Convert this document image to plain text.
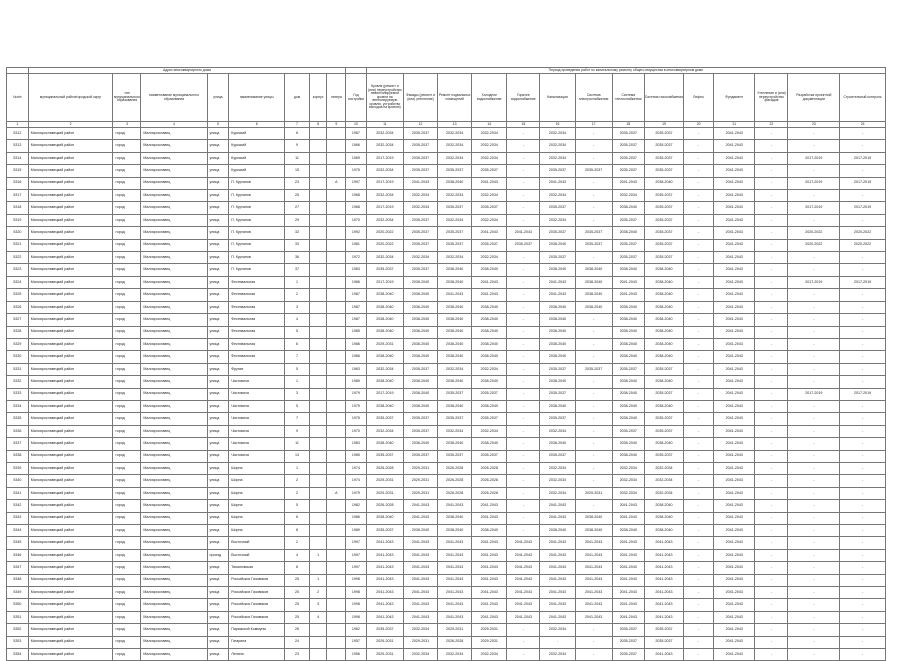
	Адрес многоквартирного дома									Период проведения работ по капитальному ремонту общего имущества в многоквартирном доме													
№п/п	муниципальный район/городской округ	тип муниципального образования	наименование муниципального образования	улица	наименование улицы	дом	корпус	литера	Год постройки	Кровля (ремонт и (или) переустройство невентилируемой кровли на вентилируемую кровлю, устройство выходов на кровлю)	Фасады (ремонт и (или) утепление)	Ремонт подвальных помещений	Холодное водоснабжение	Горячее водоснабжение	Канализация	Система электроснабжения	Система теплоснабжения	Система газоснабжения	Лифты	Фундамент	Утепление и (или) переустройство фасадов	Разработка проектной документации	Строительный контроль
1	2	3	4	5	6	7	8	9	10	11	12	13	14	15	16	17	18	19	20	21	22	23	24
5312	Малоярославецкий район	город	Малоярославец	улица	Куркский	6			1967	2032-2034	2035-2037	2032-2034	2032-2034	-	2032-2034	-	2035-2037	2035-2037	-	2041-2043	-	-	-
5313	Малоярославецкий район	город	Малоярославец	улица	Куркский	9			1966	2032-2034	2035-2037	2032-2034	2032-2034	-	2032-2034	-	2035-2037	2035-2037	-	2041-2043	-	-	-
5314	Малоярославецкий район	город	Малоярославец	улица	Куркский	11			1969	2017-2019	2035-2037	2032-2034	2032-2034	-	2032-2034	-	2035-2037	2035-2037	-	2041-2043	-	2017-2019	2017-2019
5315	Малоярославецкий район	город	Малоярославец	улица	Куркский	15			1975	2032-2034	2035-2037	2035-2037	2035-2037	-	2035-2037	2035-2037	2035-2037	2035-2037	-	2041-2043	-	-	-
5316	Малоярославецкий район	город	Малоярославец	улица	П. Курганов	23		А	1997	2017-2019	2041-2043	2038-2040	2041-2043	-	2041-2043	-	2041-2043	2038-2040	-	2041-2043	-	2017-2019	2017-2019
5317	Малоярославецкий район	город	Малоярославец	улица	П. Курганов	25			1968	2032-2034	2032-2034	2032-2034	2032-2034	-	2032-2034	-	2032-2034	2035-2037	-	2041-2043	-	-	-
5318	Малоярославецкий район	город	Малоярославец	улица	П. Курганов	27			1968	2017-2019	2032-2034	2035-2037	2035-2037	-	2035-2037	-	2038-2040	2035-2037	-	2041-2043	-	2017-2019	2017-2019
5319	Малоярославецкий район	город	Малоярославец	улица	П. Курганов	29			1970	2032-2034	2035-2037	2032-2034	2032-2034	-	2032-2034	-	2035-2037	2035-2037	-	2041-2043	-	-	-
5320	Малоярославецкий район	город	Малоярославец	улица	П. Курганов	32			1992	2020-2022	2035-2037	2035-2037	2041-2043	2041-2043	2035-2037	2035-2037	2038-2040	2035-2037	-	2041-2043	-	2020-2022	2020-2022
5321	Малоярославецкий район	город	Малоярославец	улица	П. Курганов	33			1981	2020-2022	2035-2037	2035-2037	2035-2037	2035-2037	2038-2040	2035-2037	2035-2037	2035-2037	-	2041-2043	-	2020-2022	2020-2022
5322	Малоярославецкий район	город	Малоярославец	улица	П. Курганов	36			1972	2032-2034	2032-2034	2032-2034	2032-2034	-	2035-2037	-	2035-2037	2035-2037	-	2041-2043	-	-	-
5323	Малоярославецкий район	город	Малоярославец	улица	П. Курганов	37			1983	2035-2037	2035-2037	2038-2040	2038-2040	-	2038-2040	2038-2040	2038-2040	2038-2040	-	2041-2043	-	-	-
5324	Малоярославецкий район	город	Малоярославец	улица	Фестивальная	1			1986	2017-2019	2038-2040	2038-2040	2041-2043	-	2041-2043	2038-2040	2041-2043	2038-2040	-	2041-2043	-	2017-2019	2017-2019
5325	Малоярославецкий район	город	Малоярославец	улица	Фестивальная	2			1987	2038-2040	2038-2040	2041-2043	2041-2043	-	2041-2043	2038-2040	2041-2043	2038-2040	-	2041-2043	-	-	-
5326	Малоярославецкий район	город	Малоярославец	улица	Фестивальная	3			1987	2038-2040	2038-2040	2038-2040	2038-2040	-	2038-2040	2038-2040	2038-2040	2038-2040	-	2041-2043	-	-	-
5327	Малоярославецкий район	город	Малоярославец	улица	Фестивальная	4			1987	2038-2040	2038-2040	2038-2040	2038-2040	-	2038-2040	-	2038-2040	2038-2040	-	2041-2043	-	-	-
5328	Малоярославецкий район	город	Малоярославец	улица	Фестивальная	5			1985	2038-2040	2038-2040	2038-2040	2038-2040	-	2038-2040	-	2038-2040	2038-2040	-	2041-2043	-	-	-
5329	Малоярославецкий район	город	Малоярославец	улица	Фестивальная	6			1986	2029-2031	2038-2040	2038-2040	2038-2040	-	2038-2040	-	2038-2040	2038-2040	-	2041-2043	-	-	-
5330	Малоярославецкий район	город	Малоярославец	улица	Фестивальная	7			1986	2038-2040	2038-2040	2038-2040	2038-2040	-	2038-2040	-	2038-2040	2038-2040	-	2041-2043	-	-	-
5331	Малоярославецкий район	город	Малоярославец	улица	Фрунзе	5			1963	2032-2034	2035-2037	2032-2034	2032-2034	-	2035-2037	2035-2037	2035-2037	2035-2037	-	2041-2043	-	-	-
5332	Малоярославецкий район	город	Малоярославец	улица	Чистовича	1			1989	2038-2040	2038-2040	2038-2040	2038-2040	-	2038-2040	-	2038-2040	2038-2040	-	2041-2043	-	-	-
5333	Малоярославецкий район	город	Малоярославец	улица	Чистовича	3			1979	2017-2019	2038-2040	2035-2037	2035-2037	-	2035-2037	-	2038-2040	2035-2037	-	2041-2043	-	2017-2019	2017-2019
5334	Малоярославецкий район	город	Малоярославец	улица	Чистовича	5			1979	2038-2040	2038-2040	2038-2040	2038-2040	-	2038-2040	-	2038-2040	2038-2040	-	2041-2043	-	-	-
5335	Малоярославецкий район	город	Малоярославец	улица	Чистовича	7			1975	2035-2037	2035-2037	2035-2037	2035-2037	-	2035-2037	-	2038-2040	2035-2037	-	2041-2043	-	-	-
5336	Малоярославецкий район	город	Малоярославец	улица	Чистовича	9			1970	2032-2034	2035-2037	2032-2034	2032-2034	-	2032-2034	-	2035-2037	2035-2037	-	2041-2043	-	-	-
5337	Малоярославецкий район	город	Малоярославец	улица	Чистовича	11			1983	2038-2040	2038-2040	2038-2040	2038-2040	-	2038-2040	-	2038-2040	2038-2040	-	2041-2043	-	-	-
5338	Малоярославецкий район	город	Малоярославец	улица	Чистовича	13			1985	2035-2037	2035-2037	2035-2037	2035-2037	-	2035-2037	-	2038-2040	2035-2037	-	2041-2043	-	-	-
5339	Малоярославецкий район	город	Малоярославец	улица	Шорна	1			1974	2026-2028	2029-2031	2026-2028	2026-2028	-	2032-2034	-	2032-2034	2032-2034	-	2041-2043	-	-	-
5340	Малоярославецкий район	город	Малоярославец	улица	Шорна	2			1974	2029-2031	2029-2031	2026-2028	2026-2028	-	2032-2034	-	2032-2034	2032-2034	-	2041-2043	-	-	-
5341	Малоярославецкий район	город	Малоярославец	улица	Шорна	2		А	1979	2029-2031	2029-2031	2026-2028	2026-2028	-	2032-2034	2029-2031	2032-2034	2032-2034	-	2041-2043	-	-	-
5342	Малоярославецкий район	город	Малоярославец	улица	Шорна	5			1982	2026-2028	2041-2043	2041-2043	2041-2043	-	2041-2043	-	2041-2043	2038-2040	-	2041-2043	-	-	-
5343	Малоярославецкий район	город	Малоярославец	улица	Шорна	6			1986	2038-2040	2041-2043	2038-2040	2041-2043	-	2041-2043	2038-2040	2041-2043	2038-2040	-	2041-2043	-	-	-
5344	Малоярославецкий район	город	Малоярославец	улица	Шорна	8			1989	2035-2037	2038-2040	2038-2040	2038-2040	-	2038-2040	2038-2040	2038-2040	2038-2040	-	2041-2043	-	-	-
5345	Малоярославецкий район	город	Малоярославец	улица	Восточный	2			1997	2041-2043	2041-2043	2041-2043	2041-2043	2041-2043	2041-2043	2041-2043	2041-2043	2041-2043	-	2041-2043	-	-	-
5346	Малоярославецкий район	город	Малоярославец	проезд	Восточный	4	1		1997	2041-2043	2041-2043	2041-2043	2041-2043	2041-2043	2041-2043	2041-2043	2041-2043	2041-2043	-	2041-2043	-	-	-
5347	Малоярославецкий район	город	Малоярославец	улица	Тимановская	6			1997	2041-2043	2041-2043	2041-2043	2041-2043	2041-2043	2041-2043	2041-2043	2041-2043	2041-2043	-	2041-2043	-	-	-
5348	Малоярославецкий район	город	Малоярославец	улица	Российских Газовиков	25	1		1998	2041-2043	2041-2043	2041-2043	2041-2043	2041-2043	2041-2043	2041-2043	2041-2043	2041-2043	-	2041-2043	-	-	-
5349	Малоярославецкий район	город	Малоярославец	улица	Российских Газовиков	25	2		1998	2041-2043	2041-2043	2041-2043	2041-2043	2041-2043	2041-2043	2041-2043	2041-2043	2041-2043	-	2041-2043	-	-	-
5350	Малоярославецкий район	город	Малоярославец	улица	Российских Газовиков	25	3		1998	2041-2043	2041-2043	2041-2043	2041-2043	2041-2043	2041-2043	2041-2043	2041-2043	2041-2043	-	2041-2043	-	-	-
5351	Малоярославецкий район	город	Малоярославец	улица	Российских Газовиков	25	4		1998	2041-2043	2041-2043	2041-2043	2041-2043	2041-2043	2041-2043	2041-2043	2041-2043	2041-2043	-	2041-2043	-	-	-
5352	Малоярославецкий район	город	Малоярославец	улица	Парижской Коммуны	26			1962	2035-2037	2032-2034	2029-2031	2029-2031	-	2032-2034	-	2035-2037	2035-2037	-	2041-2043	-	-	-
5353	Малоярославецкий район	город	Малоярославец	улица	Гагарина	24			1957	2029-2031	2029-2031	2026-2028	2029-2031	-	-	-	2035-2037	2035-2037	-	2041-2043	-	-	-
5354	Малоярославецкий район	город	Малоярославец	улица	Ленина	23			1956	2029-2031	2032-2034	2032-2034	2032-2034	-	2032-2034	-	2035-2037	2041-2043	-	2041-2043	-	-	-
